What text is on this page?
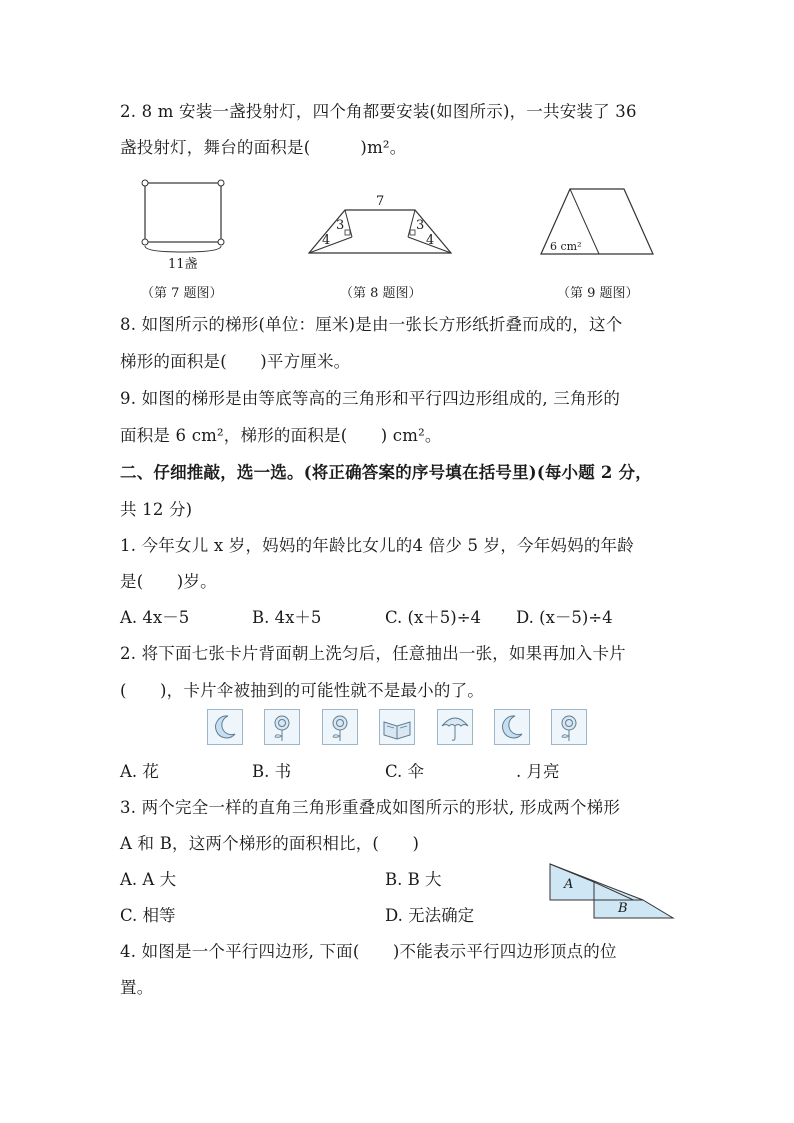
2. 8 m 安装一盏投射灯，四个角都要安装(如图所示)，一共安装了 36
盏投射灯，舞台的面积是(　　　)m²。
11盏
（第 7 题图）
7
3
4
3
4
（第 8 题图）
6 cm²
（第 9 题图）
8. 如图所示的梯形(单位：厘米)是由一张长方形纸折叠而成的，这个
梯形的面积是(　　)平方厘米。
9. 如图的梯形是由等底等高的三角形和平行四边形组成的, 三角形的
面积是 6 cm²，梯形的面积是(　　) cm²。
二、仔细推敲，选一选。(将正确答案的序号填在括号里)(每小题 2 分，
共 12 分)
1. 今年女儿 x 岁，妈妈的年龄比女儿的4 倍少 5 岁，今年妈妈的年龄
是(　　)岁。
A. 4x－5	B. 4x＋5	C. (x＋5)÷4 D. (x－5)÷4
2. 将下面七张卡片背面朝上洗匀后，任意抽出一张，如果再加入卡片
(　　)，卡片伞被抽到的可能性就不是最小的了。
A. 花	B. 书	C. 伞	. 月亮
3. 两个完全一样的直角三角形重叠成如图所示的形状, 形成两个梯形
A 和 B，这两个梯形的面积相比，(　　)
A. A 大	B. B 大
C. 相等	D. 无法确定
A
B
4. 如图是一个平行四边形, 下面(　　)不能表示平行四边形顶点的位
置。
